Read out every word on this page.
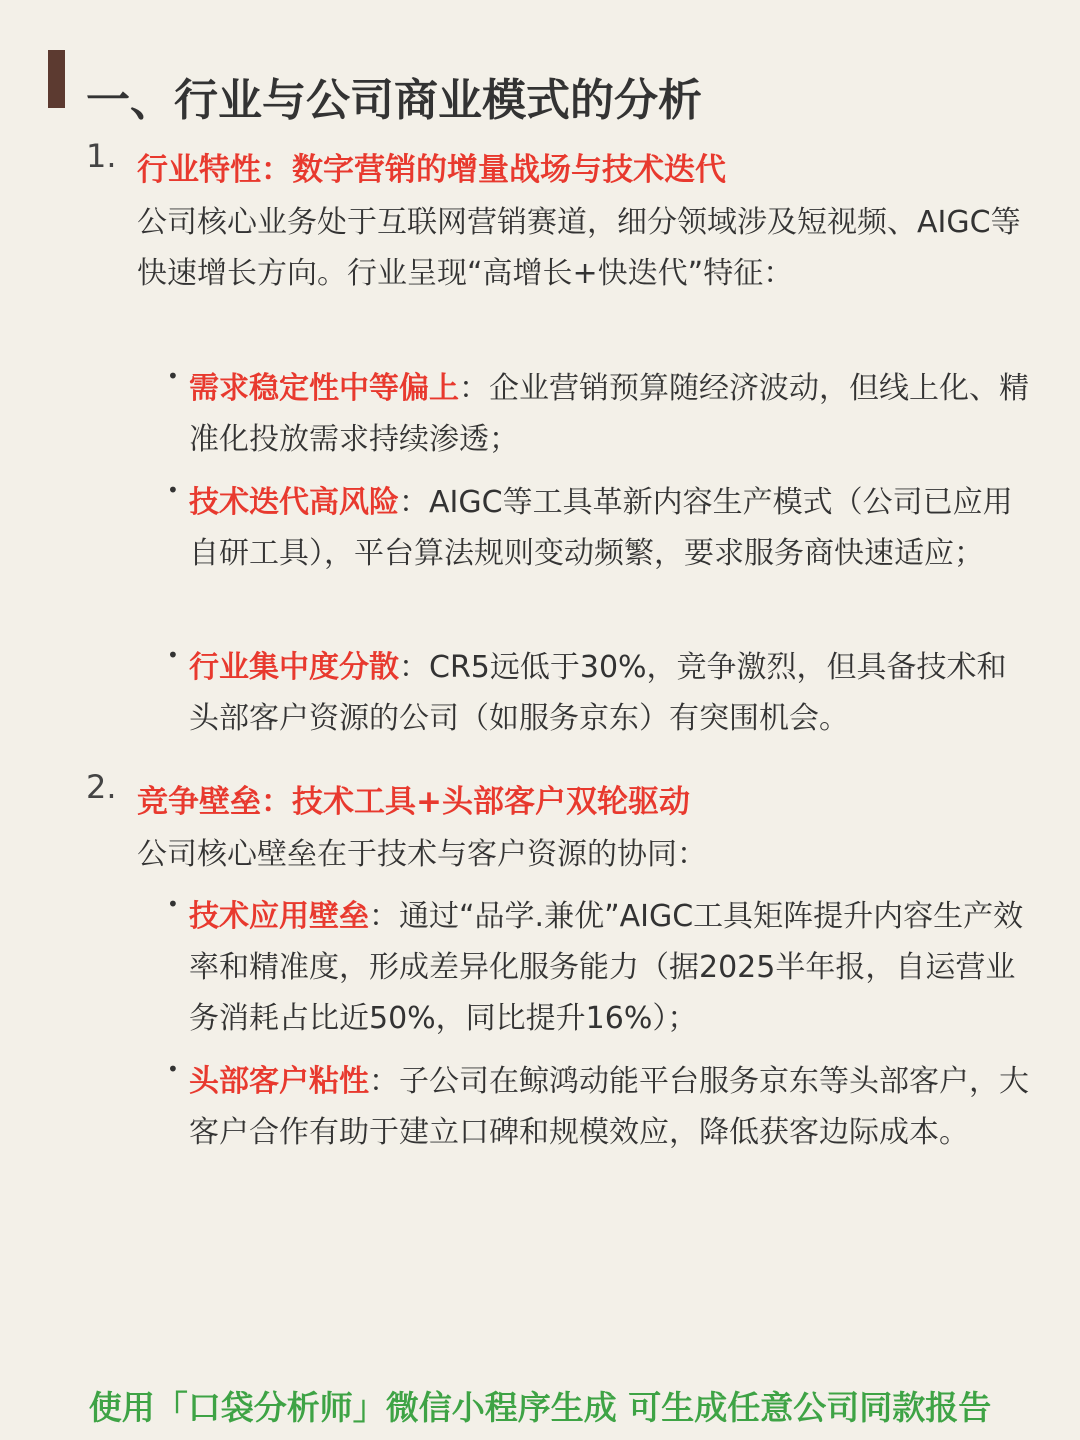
一、行业与公司商业模式的分析
1. 行业特性：数字营销的增量战场与技术迭代

公司核心业务处于互联网营销赛道，细分领域涉及短视频、AIGC等快速增长方向。行业呈现“高增长+快迭代”特征：

• 需求稳定性中等偏上：企业营销预算随经济波动，但线上化、精准化投放需求持续渗透；

• 技术迭代高风险：AIGC等工具革新内容生产模式（公司已应用自研工具），平台算法规则变动频繁，要求服务商快速适应；

• 行业集中度分散：CR5远低于30%，竞争激烈，但具备技术和头部客户资源的公司（如服务京东）有突围机会。

2. 竞争壁垒：技术工具+头部客户双轮驱动

公司核心壁垒在于技术与客户资源的协同：

• 技术应用壁垒：通过“品学.兼优”AIGC工具矩阵提升内容生产效率和精准度，形成差异化服务能力（据2025半年报，自运营业务消耗占比近50%，同比提升16%）；

• 头部客户粘性：子公司在鲸鸿动能平台服务京东等头部客户，大客户合作有助于建立口碑和规模效应，降低获客边际成本。

使用「口袋分析师」微信小程序生成 可生成任意公司同款报告
